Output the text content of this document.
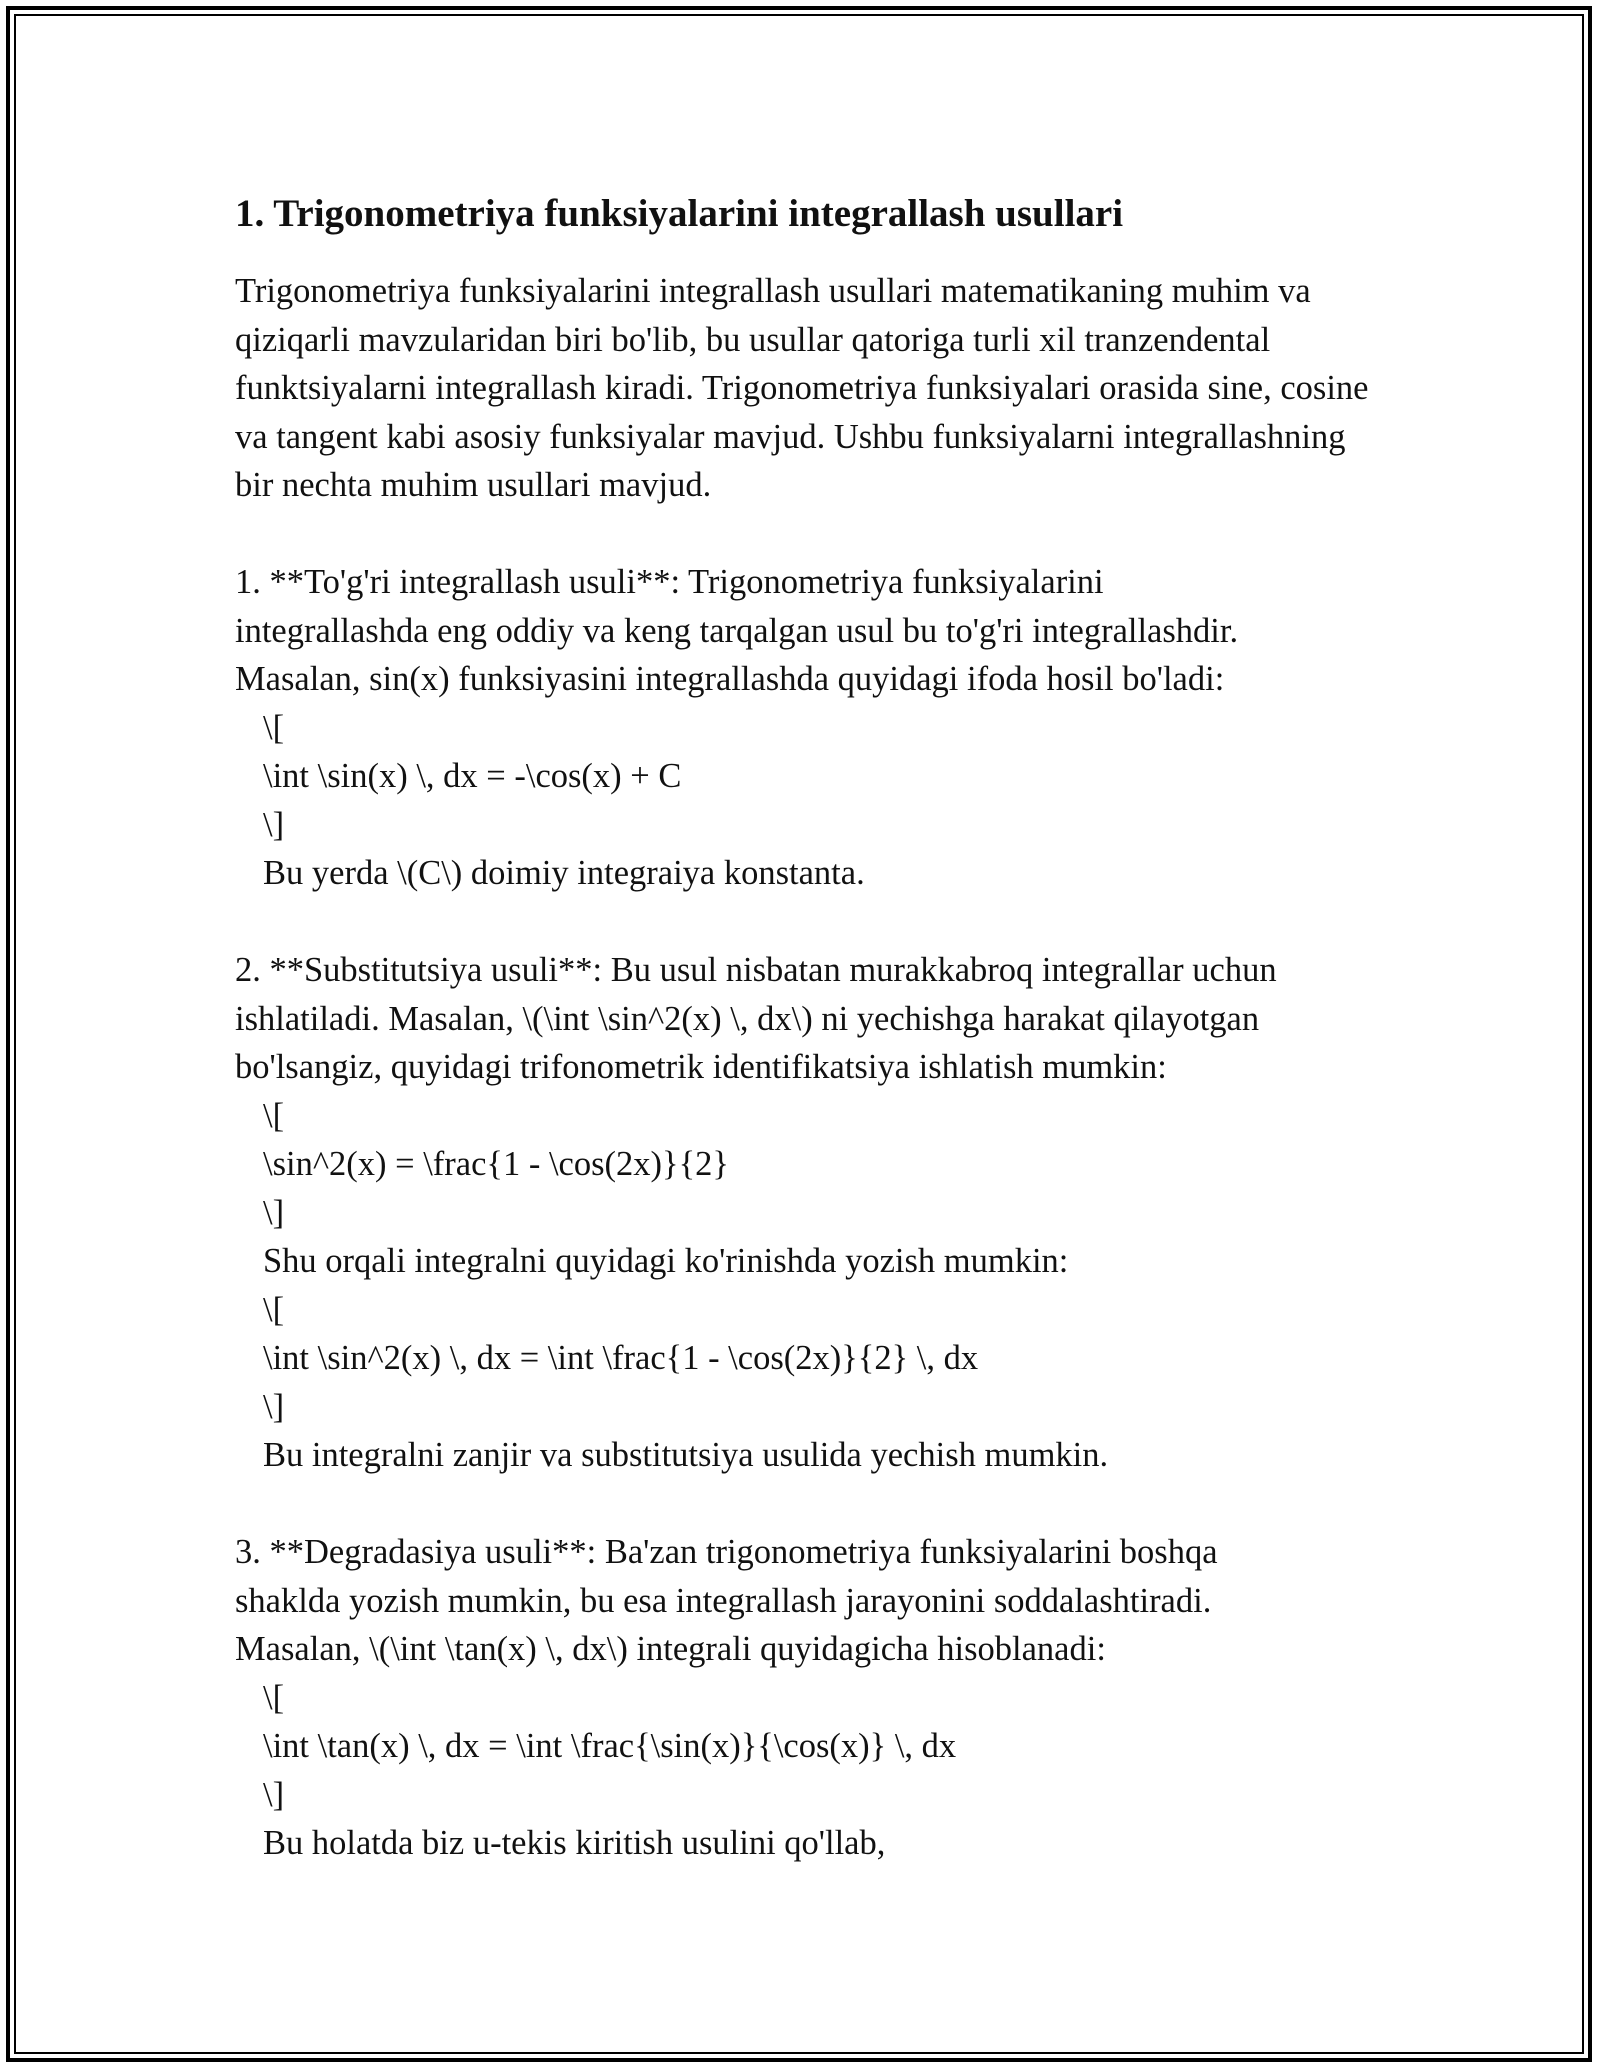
1. Trigonometriya funksiyalarini integrallash usullari

Trigonometriya funksiyalarini integrallash usullari matematikaning muhim va qiziqarli mavzularidan biri bo'lib, bu usullar qatoriga turli xil tranzendental funktsiyalarni integrallash kiradi. Trigonometriya funksiyalari orasida sine, cosine va tangent kabi asosiy funksiyalar mavjud. Ushbu funksiyalarni integrallashning bir nechta muhim usullari mavjud.

1. **To'g'ri integrallash usuli**: Trigonometriya funksiyalarini
integrallashda eng oddiy va keng tarqalgan usul bu to'g'ri integrallashdir.
Masalan, sin(x) funksiyasini integrallashda quyidagi ifoda hosil bo'ladi:
\[
\int \sin(x) \, dx = -\cos(x) + C
\]
Bu yerda \(C\) doimiy integraiya konstanta.
2. **Substitutsiya usuli**: Bu usul nisbatan murakkabroq integrallar uchun
ishlatiladi. Masalan, \(\int \sin^2(x) \, dx\) ni yechishga harakat qilayotgan
bo'lsangiz, quyidagi trifonometrik identifikatsiya ishlatish mumkin:
\[
\sin^2(x) = \frac{1 - \cos(2x)}{2}
\]
Shu orqali integralni quyidagi ko'rinishda yozish mumkin:
\[
\int \sin^2(x) \, dx = \int \frac{1 - \cos(2x)}{2} \, dx
\]
Bu integralni zanjir va substitutsiya usulida yechish mumkin.
3. **Degradasiya usuli**: Ba'zan trigonometriya funksiyalarini boshqa
shaklda yozish mumkin, bu esa integrallash jarayonini soddalashtiradi.
Masalan, \(\int \tan(x) \, dx\) integrali quyidagicha hisoblanadi:
\[
\int \tan(x) \, dx = \int \frac{\sin(x)}{\cos(x)} \, dx
\]
Bu holatda biz u-tekis kiritish usulini qo'llab,
